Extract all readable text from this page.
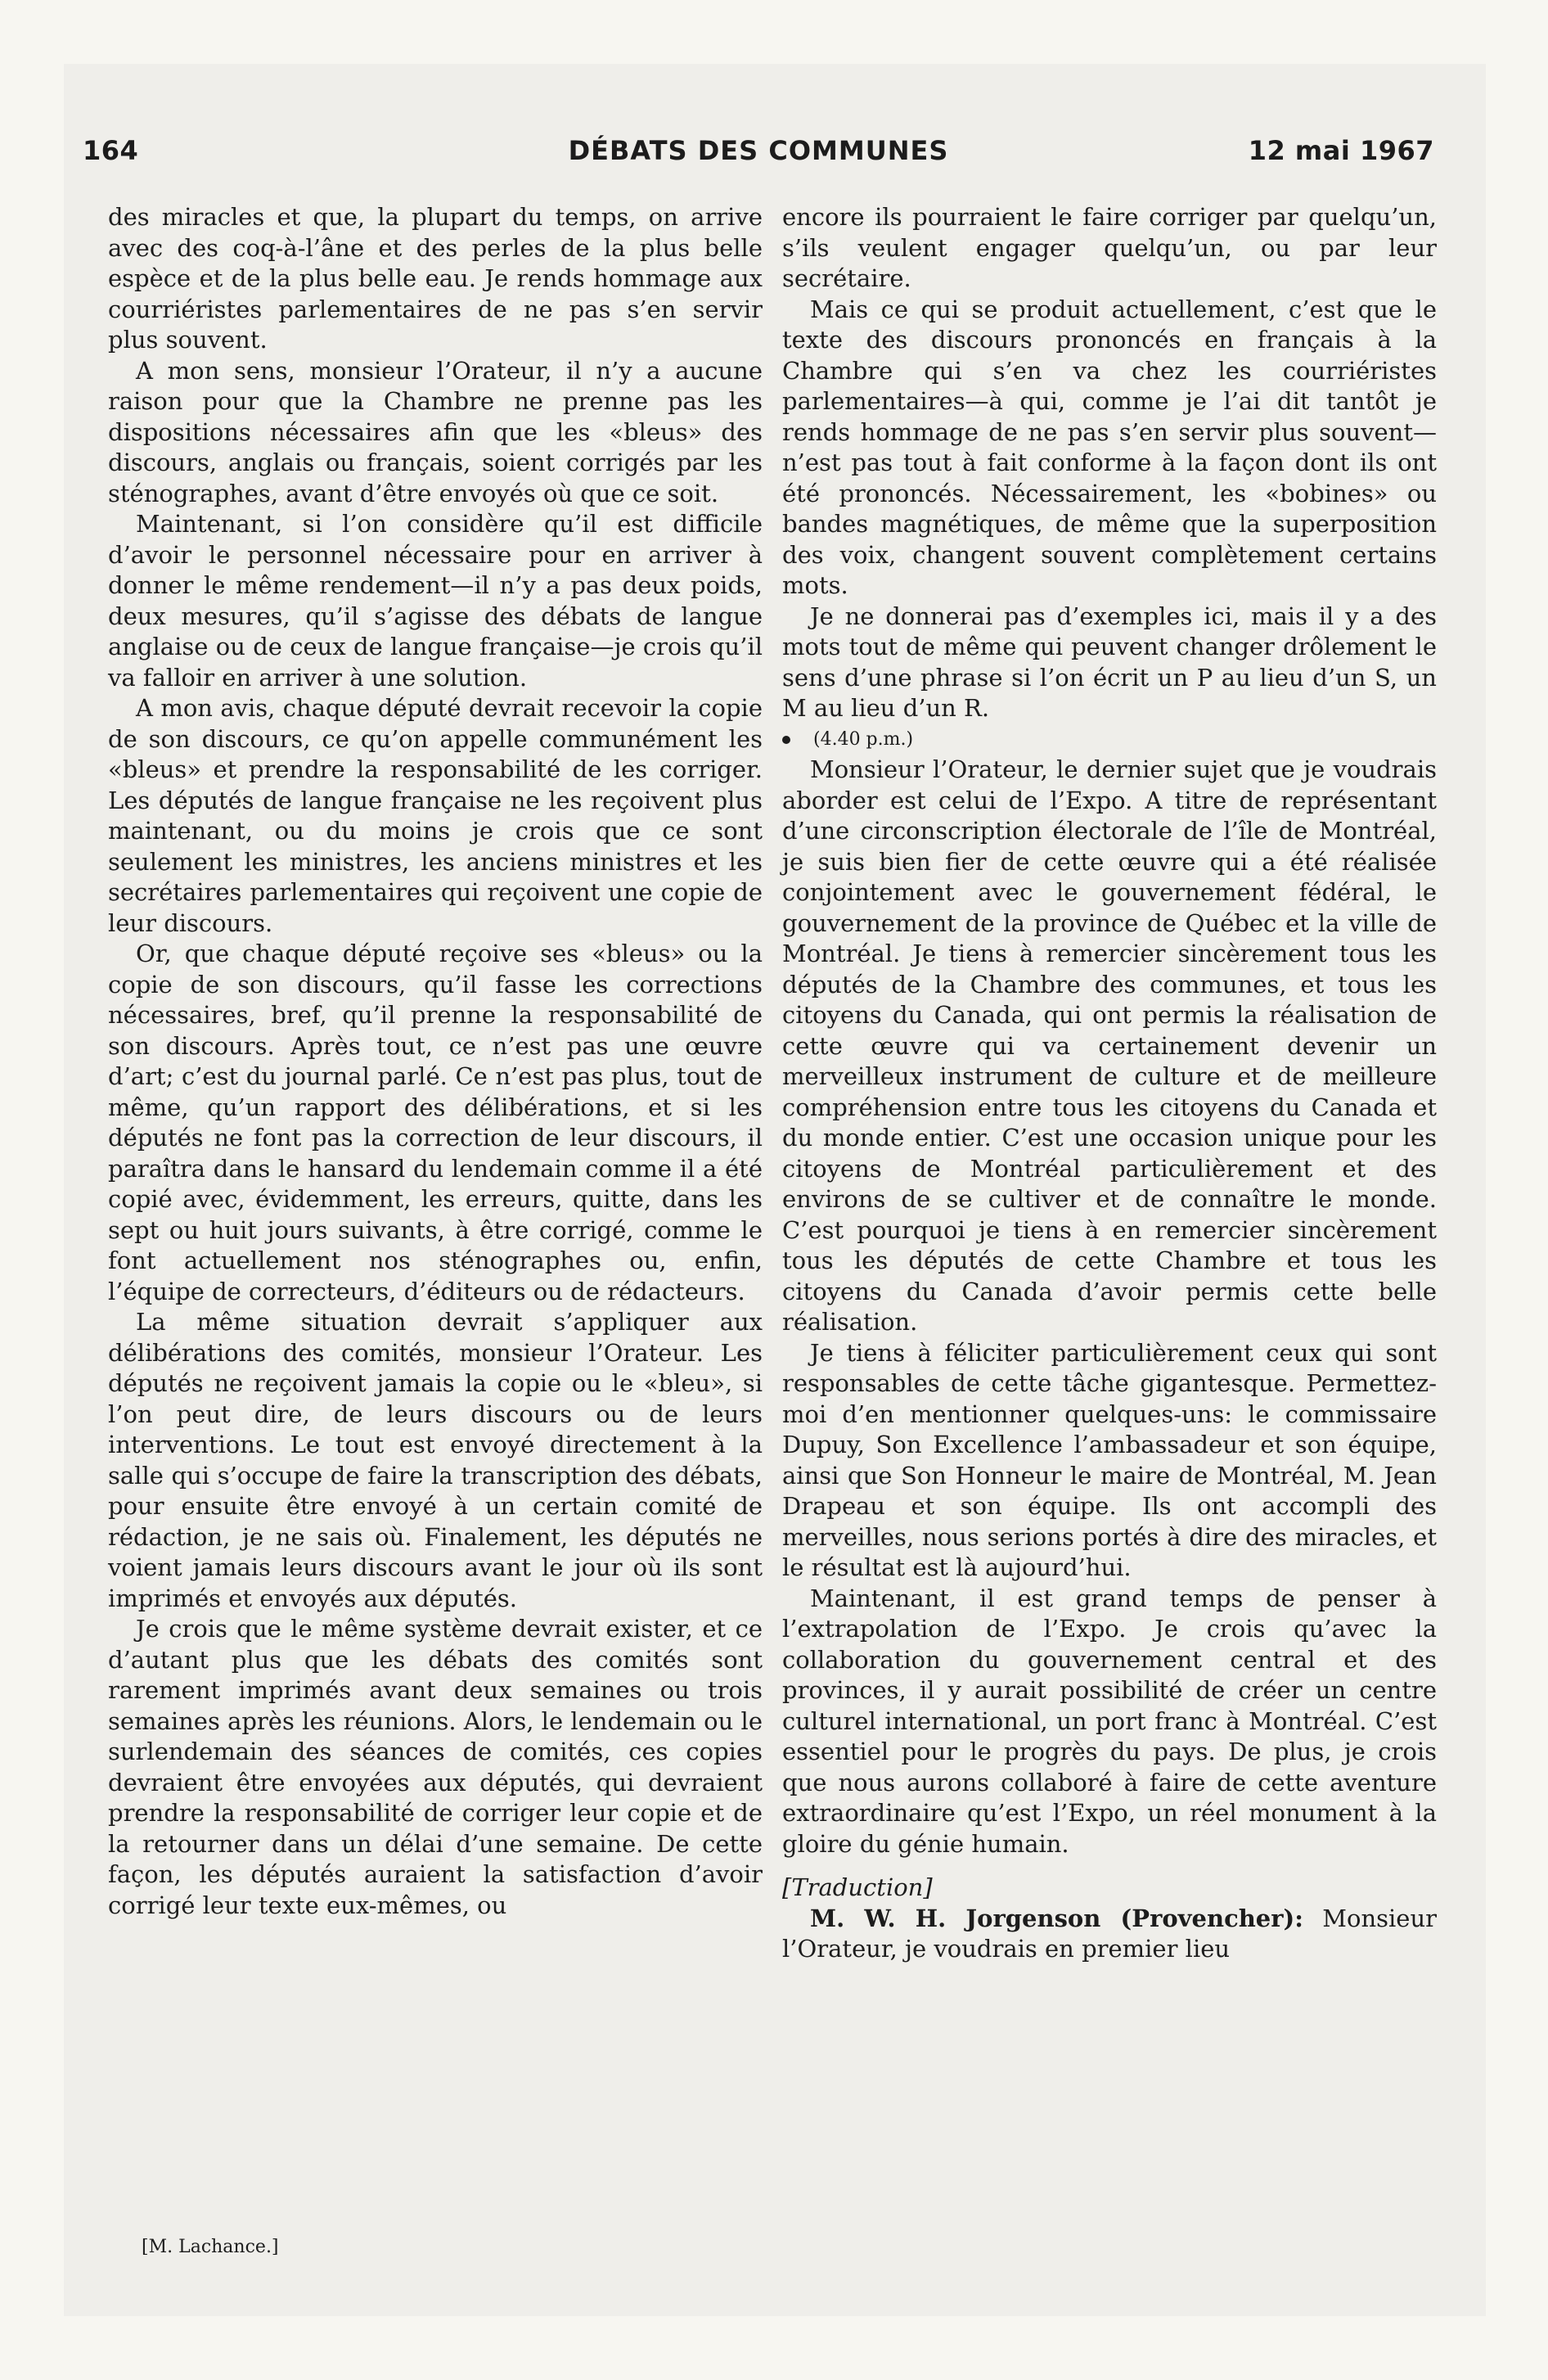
164	DÉBATS DES COMMUNES	12 mai 1967

des miracles et que, la plupart du temps, on arrive avec des coq-à-l’âne et des perles de la plus belle espèce et de la plus belle eau. Je rends hommage aux courriéristes parlementaires de ne pas s’en servir plus souvent.

A mon sens, monsieur l’Orateur, il n’y a aucune raison pour que la Chambre ne prenne pas les dispositions nécessaires afin que les «bleus» des discours, anglais ou français, soient corrigés par les sténographes, avant d’être envoyés où que ce soit.

Maintenant, si l’on considère qu’il est difficile d’avoir le personnel nécessaire pour en arriver à donner le même rendement—il n’y a pas deux poids, deux mesures, qu’il s’agisse des débats de langue anglaise ou de ceux de langue française—je crois qu’il va falloir en arriver à une solution.

A mon avis, chaque député devrait recevoir la copie de son discours, ce qu’on appelle communément les «bleus» et prendre la responsabilité de les corriger. Les députés de langue française ne les reçoivent plus maintenant, ou du moins je crois que ce sont seulement les ministres, les anciens ministres et les secrétaires parlementaires qui reçoivent une copie de leur discours.

Or, que chaque député reçoive ses «bleus» ou la copie de son discours, qu’il fasse les corrections nécessaires, bref, qu’il prenne la responsabilité de son discours. Après tout, ce n’est pas une œuvre d’art; c’est du journal parlé. Ce n’est pas plus, tout de même, qu’un rapport des délibérations, et si les députés ne font pas la correction de leur discours, il paraîtra dans le hansard du lendemain comme il a été copié avec, évidemment, les erreurs, quitte, dans les sept ou huit jours suivants, à être corrigé, comme le font actuellement nos sténographes ou, enfin, l’équipe de correcteurs, d’éditeurs ou de rédacteurs.

La même situation devrait s’appliquer aux délibérations des comités, monsieur l’Orateur. Les députés ne reçoivent jamais la copie ou le «bleu», si l’on peut dire, de leurs discours ou de leurs interventions. Le tout est envoyé directement à la salle qui s’occupe de faire la transcription des débats, pour ensuite être envoyé à un certain comité de rédaction, je ne sais où. Finalement, les députés ne voient jamais leurs discours avant le jour où ils sont imprimés et envoyés aux députés.

Je crois que le même système devrait exister, et ce d’autant plus que les débats des comités sont rarement imprimés avant deux semaines ou trois semaines après les réunions. Alors, le lendemain ou le surlendemain des séances de comités, ces copies devraient être envoyées aux députés, qui devraient prendre la responsabilité de corriger leur copie et de la retourner dans un délai d’une semaine. De cette façon, les députés auraient la satisfaction d’avoir corrigé leur texte eux-mêmes, ou

[M. Lachance.]

encore ils pourraient le faire corriger par quelqu’un, s’ils veulent engager quelqu’un, ou par leur secrétaire.

Mais ce qui se produit actuellement, c’est que le texte des discours prononcés en français à la Chambre qui s’en va chez les courriéristes parlementaires—à qui, comme je l’ai dit tantôt je rends hommage de ne pas s’en servir plus souvent—n’est pas tout à fait conforme à la façon dont ils ont été prononcés. Nécessairement, les «bobines» ou bandes magnétiques, de même que la superposition des voix, changent souvent complètement certains mots.

Je ne donnerai pas d’exemples ici, mais il y a des mots tout de même qui peuvent changer drôlement le sens d’une phrase si l’on écrit un P au lieu d’un S, un M au lieu d’un R.

(4.40 p.m.)

Monsieur l’Orateur, le dernier sujet que je voudrais aborder est celui de l’Expo. A titre de représentant d’une circonscription électorale de l’île de Montréal, je suis bien fier de cette œuvre qui a été réalisée conjointement avec le gouvernement fédéral, le gouvernement de la province de Québec et la ville de Montréal. Je tiens à remercier sincèrement tous les députés de la Chambre des communes, et tous les citoyens du Canada, qui ont permis la réalisation de cette œuvre qui va certainement devenir un merveilleux instrument de culture et de meilleure compréhension entre tous les citoyens du Canada et du monde entier. C’est une occasion unique pour les citoyens de Montréal particulièrement et des environs de se cultiver et de connaître le monde. C’est pourquoi je tiens à en remercier sincèrement tous les députés de cette Chambre et tous les citoyens du Canada d’avoir permis cette belle réalisation.

Je tiens à féliciter particulièrement ceux qui sont responsables de cette tâche gigantesque. Permettez-moi d’en mentionner quelques-uns: le commissaire Dupuy, Son Excellence l’ambassadeur et son équipe, ainsi que Son Honneur le maire de Montréal, M. Jean Drapeau et son équipe. Ils ont accompli des merveilles, nous serions portés à dire des miracles, et le résultat est là aujourd’hui.

Maintenant, il est grand temps de penser à l’extrapolation de l’Expo. Je crois qu’avec la collaboration du gouvernement central et des provinces, il y aurait possibilité de créer un centre culturel international, un port franc à Montréal. C’est essentiel pour le progrès du pays. De plus, je crois que nous aurons collaboré à faire de cette aventure extraordinaire qu’est l’Expo, un réel monument à la gloire du génie humain.

[Traduction]

M. W. H. Jorgenson (Provencher): Monsieur l’Orateur, je voudrais en premier lieu
